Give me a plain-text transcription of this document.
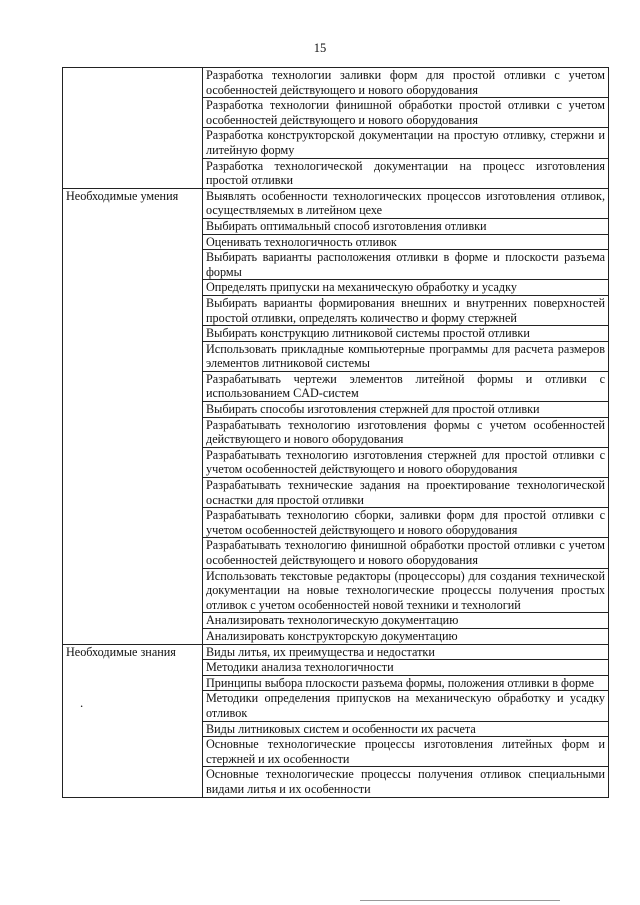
15
	Разработка технологии заливки форм для простой отливки с учетом особенностей действующего и нового оборудования
	Разработка технологии финишной обработки простой отливки с учетом особенностей действующего и нового оборудования
	Разработка конструкторской документации на простую отливку, стержни и литейную форму
	Разработка технологической документации на процесс изготовления простой отливки
Необходимые умения	Выявлять особенности технологических процессов изготовления отливок, осуществляемых в литейном цехе
	Выбирать оптимальный способ изготовления отливки
	Оценивать технологичность отливок
	Выбирать варианты расположения отливки в форме и плоскости разъема формы
	Определять припуски на механическую обработку и усадку
	Выбирать варианты формирования внешних и внутренних поверхностей простой отливки, определять количество и форму стержней
	Выбирать конструкцию литниковой системы простой отливки
	Использовать прикладные компьютерные программы для расчета размеров элементов литниковой системы
	Разрабатывать чертежи элементов литейной формы и отливки с использованием CAD-систем
	Выбирать способы изготовления стержней для простой отливки
	Разрабатывать технологию изготовления формы с учетом особенностей действующего и нового оборудования
	Разрабатывать технологию изготовления стержней для простой отливки с учетом особенностей действующего и нового оборудования
	Разрабатывать технические задания на проектирование технологической оснастки для простой отливки
	Разрабатывать технологию сборки, заливки форм для простой отливки с учетом особенностей действующего и нового оборудования
	Разрабатывать технологию финишной обработки простой отливки с учетом особенностей действующего и нового оборудования
	Использовать текстовые редакторы (процессоры) для создания технической документации на новые технологические процессы получения простых отливок с учетом особенностей новой техники и технологий
	Анализировать технологическую документацию
	Анализировать конструкторскую документацию
Необходимые знания	Виды литья, их преимущества и недостатки
	Методики анализа технологичности
	Принципы выбора плоскости разъема формы, положения отливки в форме
	Методики определения припусков на механическую обработку и усадку отливок
	Виды литниковых систем и особенности их расчета
	Основные технологические процессы изготовления литейных форм и стержней и их особенности
	Основные технологические процессы получения отливок специальными видами литья и их особенности
.
